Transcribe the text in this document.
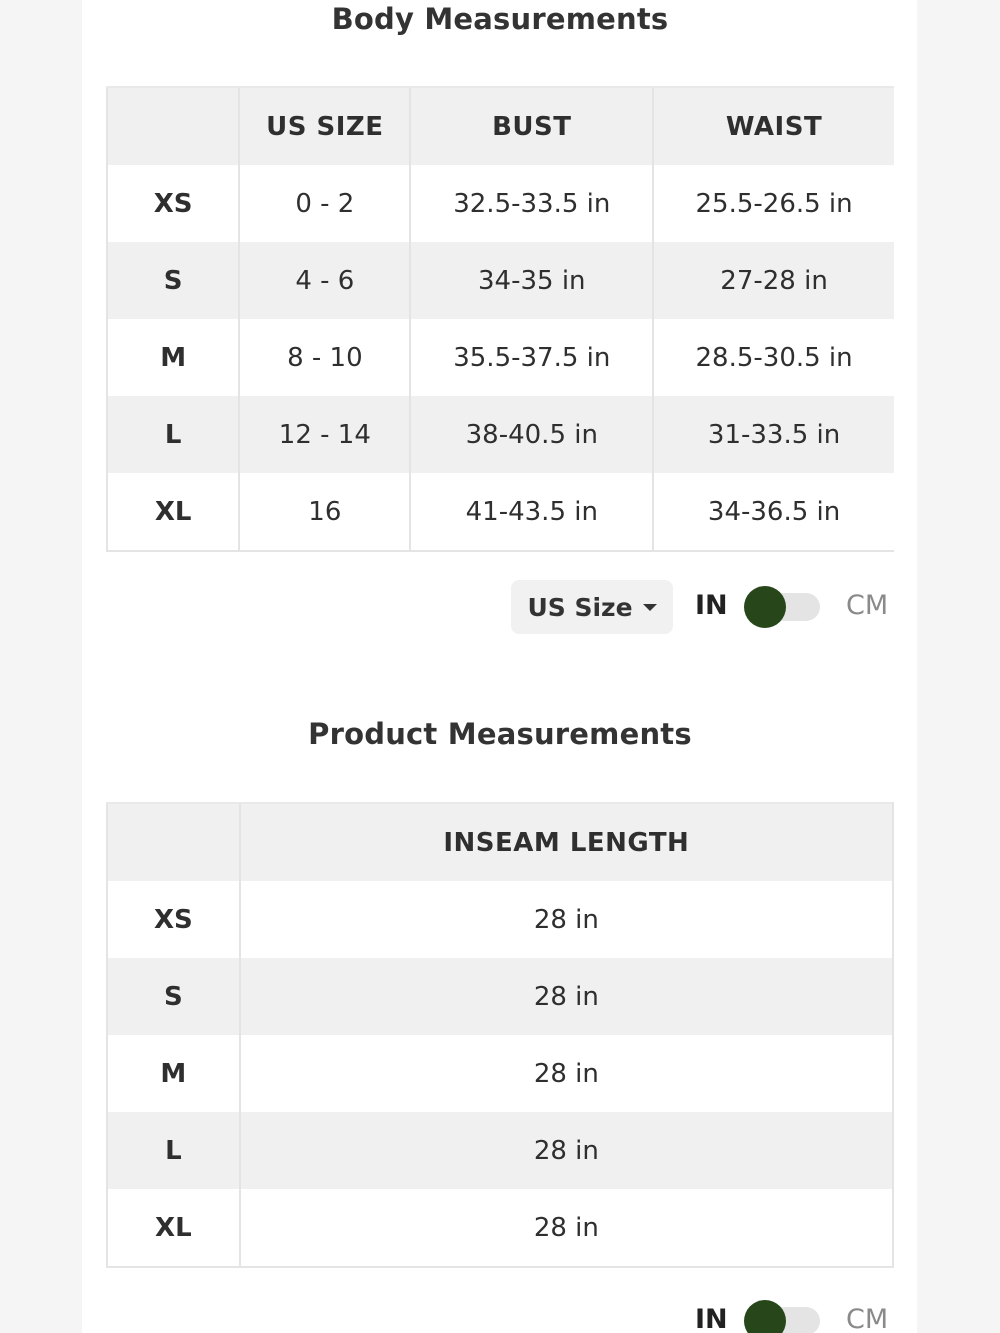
Body Measurements
	US SIZE	BUST	WAIST
XS	0 - 2	32.5-33.5 in	25.5-26.5 in
S	4 - 6	34-35 in	27-28 in
M	8 - 10	35.5-37.5 in	28.5-30.5 in
L	12 - 14	38-40.5 in	31-33.5 in
XL	16	41-43.5 in	34-36.5 in
US Size IN	CM
Product Measurements
	INSEAM LENGTH
XS	28 in
S	28 in
M	28 in
L	28 in
XL	28 in
IN	CM
